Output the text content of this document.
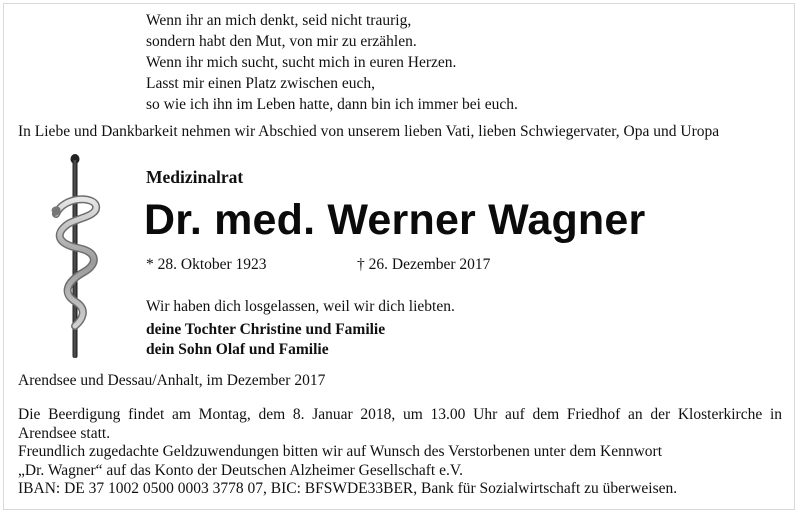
Wenn ihr an mich denkt, seid nicht traurig,
sondern habt den Mut, von mir zu erzählen.
Wenn ihr mich sucht, sucht mich in euren Herzen.
Lasst mir einen Platz zwischen euch,
so wie ich ihn im Leben hatte, dann bin ich immer bei euch.
In Liebe und Dankbarkeit nehmen wir Abschied von unserem lieben Vati, lieben Schwiegervater, Opa und Uropa
Medizinalrat
Dr. med. Werner Wagner
* 28. Oktober 1923	† 26. Dezember 2017
Wir haben dich losgelassen, weil wir dich liebten.
deine Tochter Christine und Familie
dein Sohn Olaf und Familie
Arendsee und Dessau/Anhalt, im Dezember 2017
Die Beerdigung findet am Montag, dem 8. Januar 2018, um 13.00 Uhr auf dem Friedhof an der Klosterkirche in
Arendsee statt.
Freundlich zugedachte Geldzuwendungen bitten wir auf Wunsch des Verstorbenen unter dem Kennwort
„Dr. Wagner“ auf das Konto der Deutschen Alzheimer Gesellschaft e.V.
IBAN: DE 37 1002 0500 0003 3778 07, BIC: BFSWDE33BER, Bank für Sozialwirtschaft zu überweisen.
